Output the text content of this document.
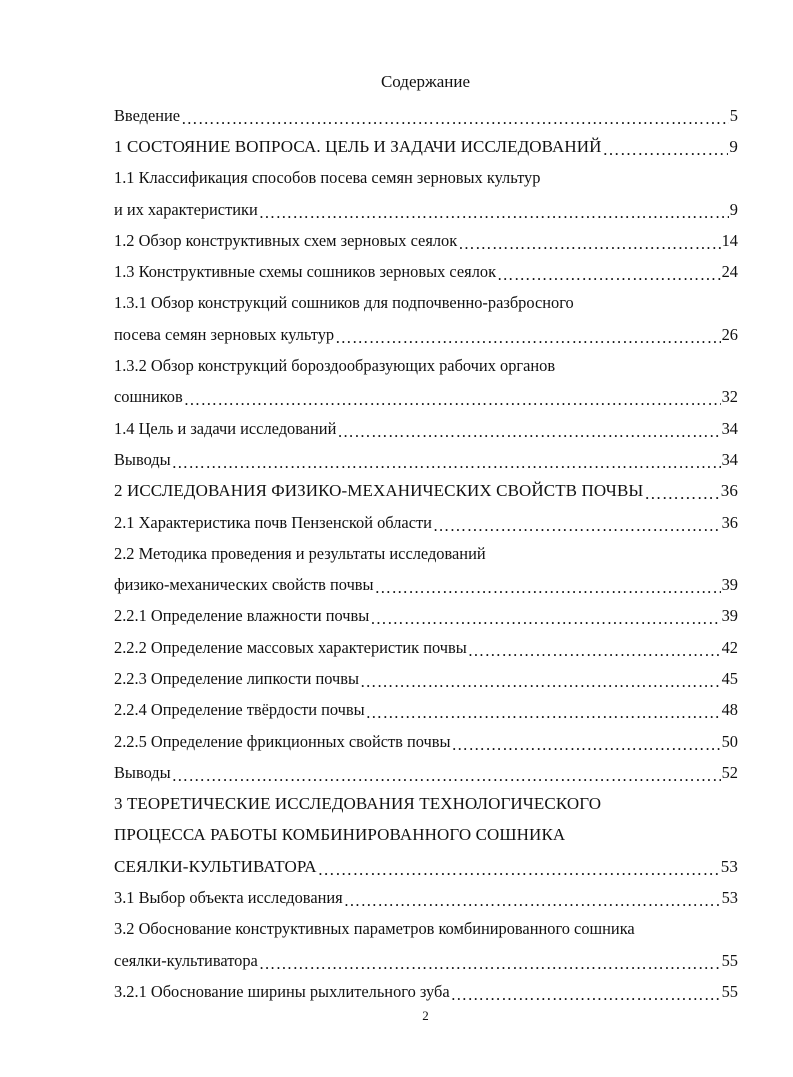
Содержание
Введение …………………………………………………………………………………………………………………………………………………………………………	5
1 СОСТОЯНИЕ ВОПРОСА. ЦЕЛЬ И ЗАДАЧИ ИССЛЕДОВАНИЙ …………………………………………………………………………………………………………………………………………………………………………	9
1.1 Классификация способов посева семян зерновых культур
и их характеристики …………………………………………………………………………………………………………………………………………………………………………	9
1.2 Обзор конструктивных схем зерновых сеялок …………………………………………………………………………………………………………………………………………………………………………	14
1.3 Конструктивные схемы сошников зерновых сеялок …………………………………………………………………………………………………………………………………………………………………………	24
1.3.1 Обзор конструкций сошников для подпочвенно-разбросного
посева семян зерновых культур …………………………………………………………………………………………………………………………………………………………………………	26
1.3.2 Обзор конструкций бороздообразующих рабочих органов
сошников …………………………………………………………………………………………………………………………………………………………………………	32
1.4 Цель и задачи исследований …………………………………………………………………………………………………………………………………………………………………………	34
Выводы …………………………………………………………………………………………………………………………………………………………………………	34
2 ИССЛЕДОВАНИЯ ФИЗИКО-МЕХАНИЧЕСКИХ СВОЙСТВ ПОЧВЫ …………………………………………………………………………………………………………………………………………………………………………	36
2.1 Характеристика почв Пензенской области …………………………………………………………………………………………………………………………………………………………………………	36
2.2 Методика проведения и результаты исследований
физико-механических свойств почвы …………………………………………………………………………………………………………………………………………………………………………	39
2.2.1 Определение влажности почвы …………………………………………………………………………………………………………………………………………………………………………	39
2.2.2 Определение массовых характеристик почвы …………………………………………………………………………………………………………………………………………………………………………	42
2.2.3 Определение липкости почвы …………………………………………………………………………………………………………………………………………………………………………	45
2.2.4 Определение твёрдости почвы …………………………………………………………………………………………………………………………………………………………………………	48
2.2.5 Определение фрикционных свойств почвы …………………………………………………………………………………………………………………………………………………………………………	50
Выводы …………………………………………………………………………………………………………………………………………………………………………	52
3 ТЕОРЕТИЧЕСКИЕ ИССЛЕДОВАНИЯ ТЕХНОЛОГИЧЕСКОГО
ПРОЦЕССА РАБОТЫ КОМБИНИРОВАННОГО СОШНИКА
СЕЯЛКИ-КУЛЬТИВАТОРА …………………………………………………………………………………………………………………………………………………………………………	53
3.1 Выбор объекта исследования …………………………………………………………………………………………………………………………………………………………………………	53
3.2 Обоснование конструктивных параметров комбинированного сошника
сеялки-культиватора …………………………………………………………………………………………………………………………………………………………………………	55
3.2.1 Обоснование ширины рыхлительного зуба …………………………………………………………………………………………………………………………………………………………………………	55
2
